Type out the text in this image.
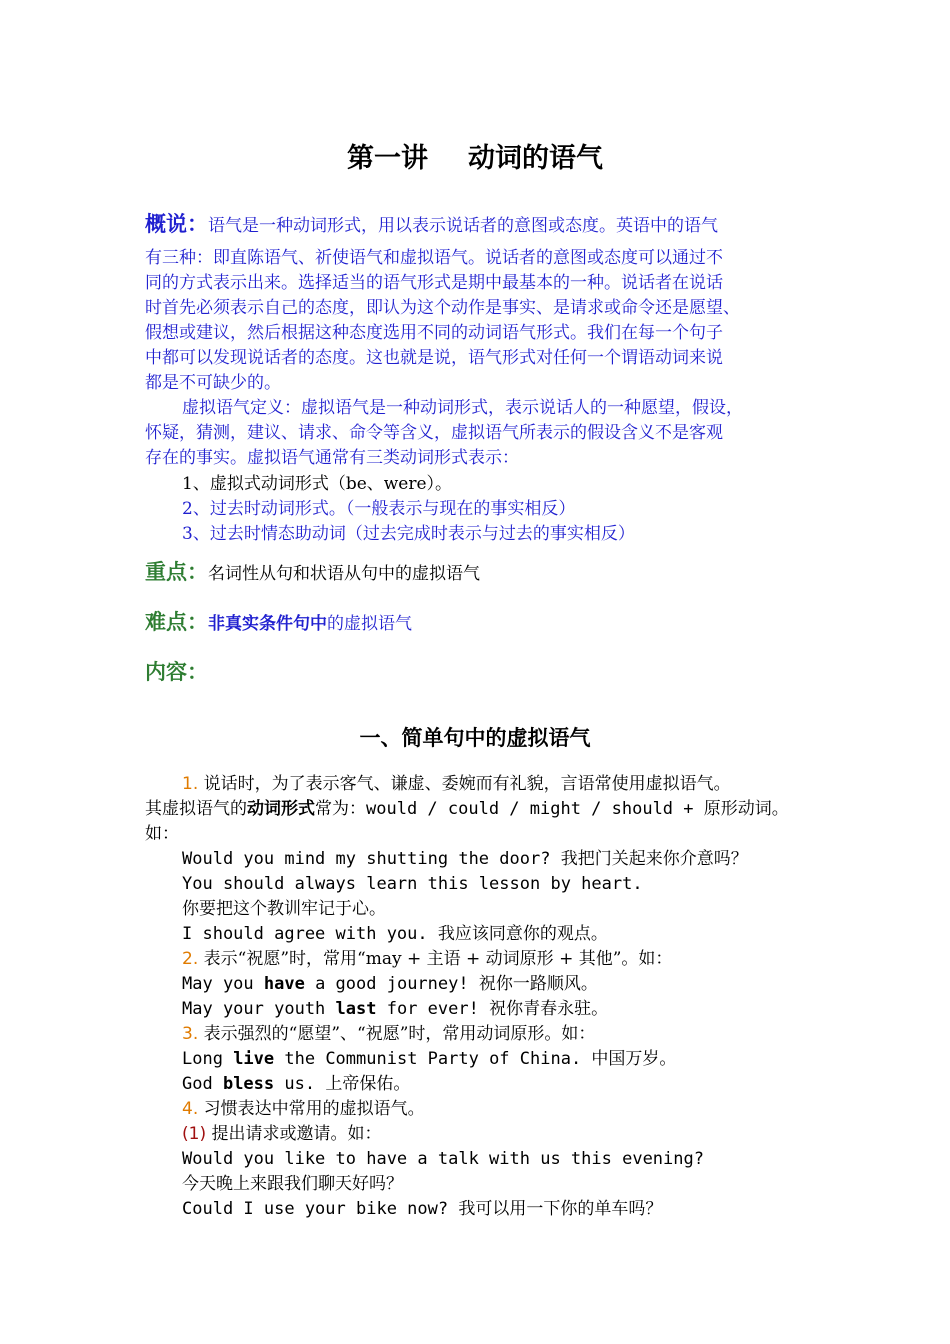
第一讲 动词的语气
概说：语气是一种动词形式，用以表示说话者的意图或态度。英语中的语气
有三种：即直陈语气、祈使语气和虚拟语气。说话者的意图或态度可以通过不
同的方式表示出来。选择适当的语气形式是期中最基本的一种。说话者在说话
时首先必须表示自己的态度，即认为这个动作是事实、是请求或命令还是愿望、
假想或建议，然后根据这种态度选用不同的动词语气形式。我们在每一个句子
中都可以发现说话者的态度。这也就是说，语气形式对任何一个谓语动词来说
都是不可缺少的。
虚拟语气定义：虚拟语气是一种动词形式，表示说话人的一种愿望，假设，
怀疑，猜测，建议、请求、命令等含义，虚拟语气所表示的假设含义不是客观
存在的事实。虚拟语气通常有三类动词形式表示：
1、虚拟式动词形式（be、were）。
2、过去时动词形式。（一般表示与现在的事实相反）
3、过去时情态助动词（过去完成时表示与过去的事实相反）
重点：名词性从句和状语从句中的虚拟语气
难点：非真实条件句中的虚拟语气
内容：
一、简单句中的虚拟语气
1. 说话时，为了表示客气、谦虚、委婉而有礼貌，言语常使用虚拟语气。
其虚拟语气的动词形式常为：would / could / might / should + 原形动词。
如：
Would you mind my shutting the door? 我把门关起来你介意吗？
You should always learn this lesson by heart.
你要把这个教训牢记于心。
I should agree with you. 我应该同意你的观点。
2. 表示“祝愿”时，常用“may + 主语 + 动词原形 + 其他”。如：
May you have a good journey! 祝你一路顺风。
May your youth last for ever! 祝你青春永驻。
3. 表示强烈的“愿望”、“祝愿”时，常用动词原形。如：
Long live the Communist Party of China. 中国万岁。
God bless us. 上帝保佑。
4. 习惯表达中常用的虚拟语气。
(1) 提出请求或邀请。如：
Would you like to have a talk with us this evening?
今天晚上来跟我们聊天好吗？
Could I use your bike now? 我可以用一下你的单车吗？
